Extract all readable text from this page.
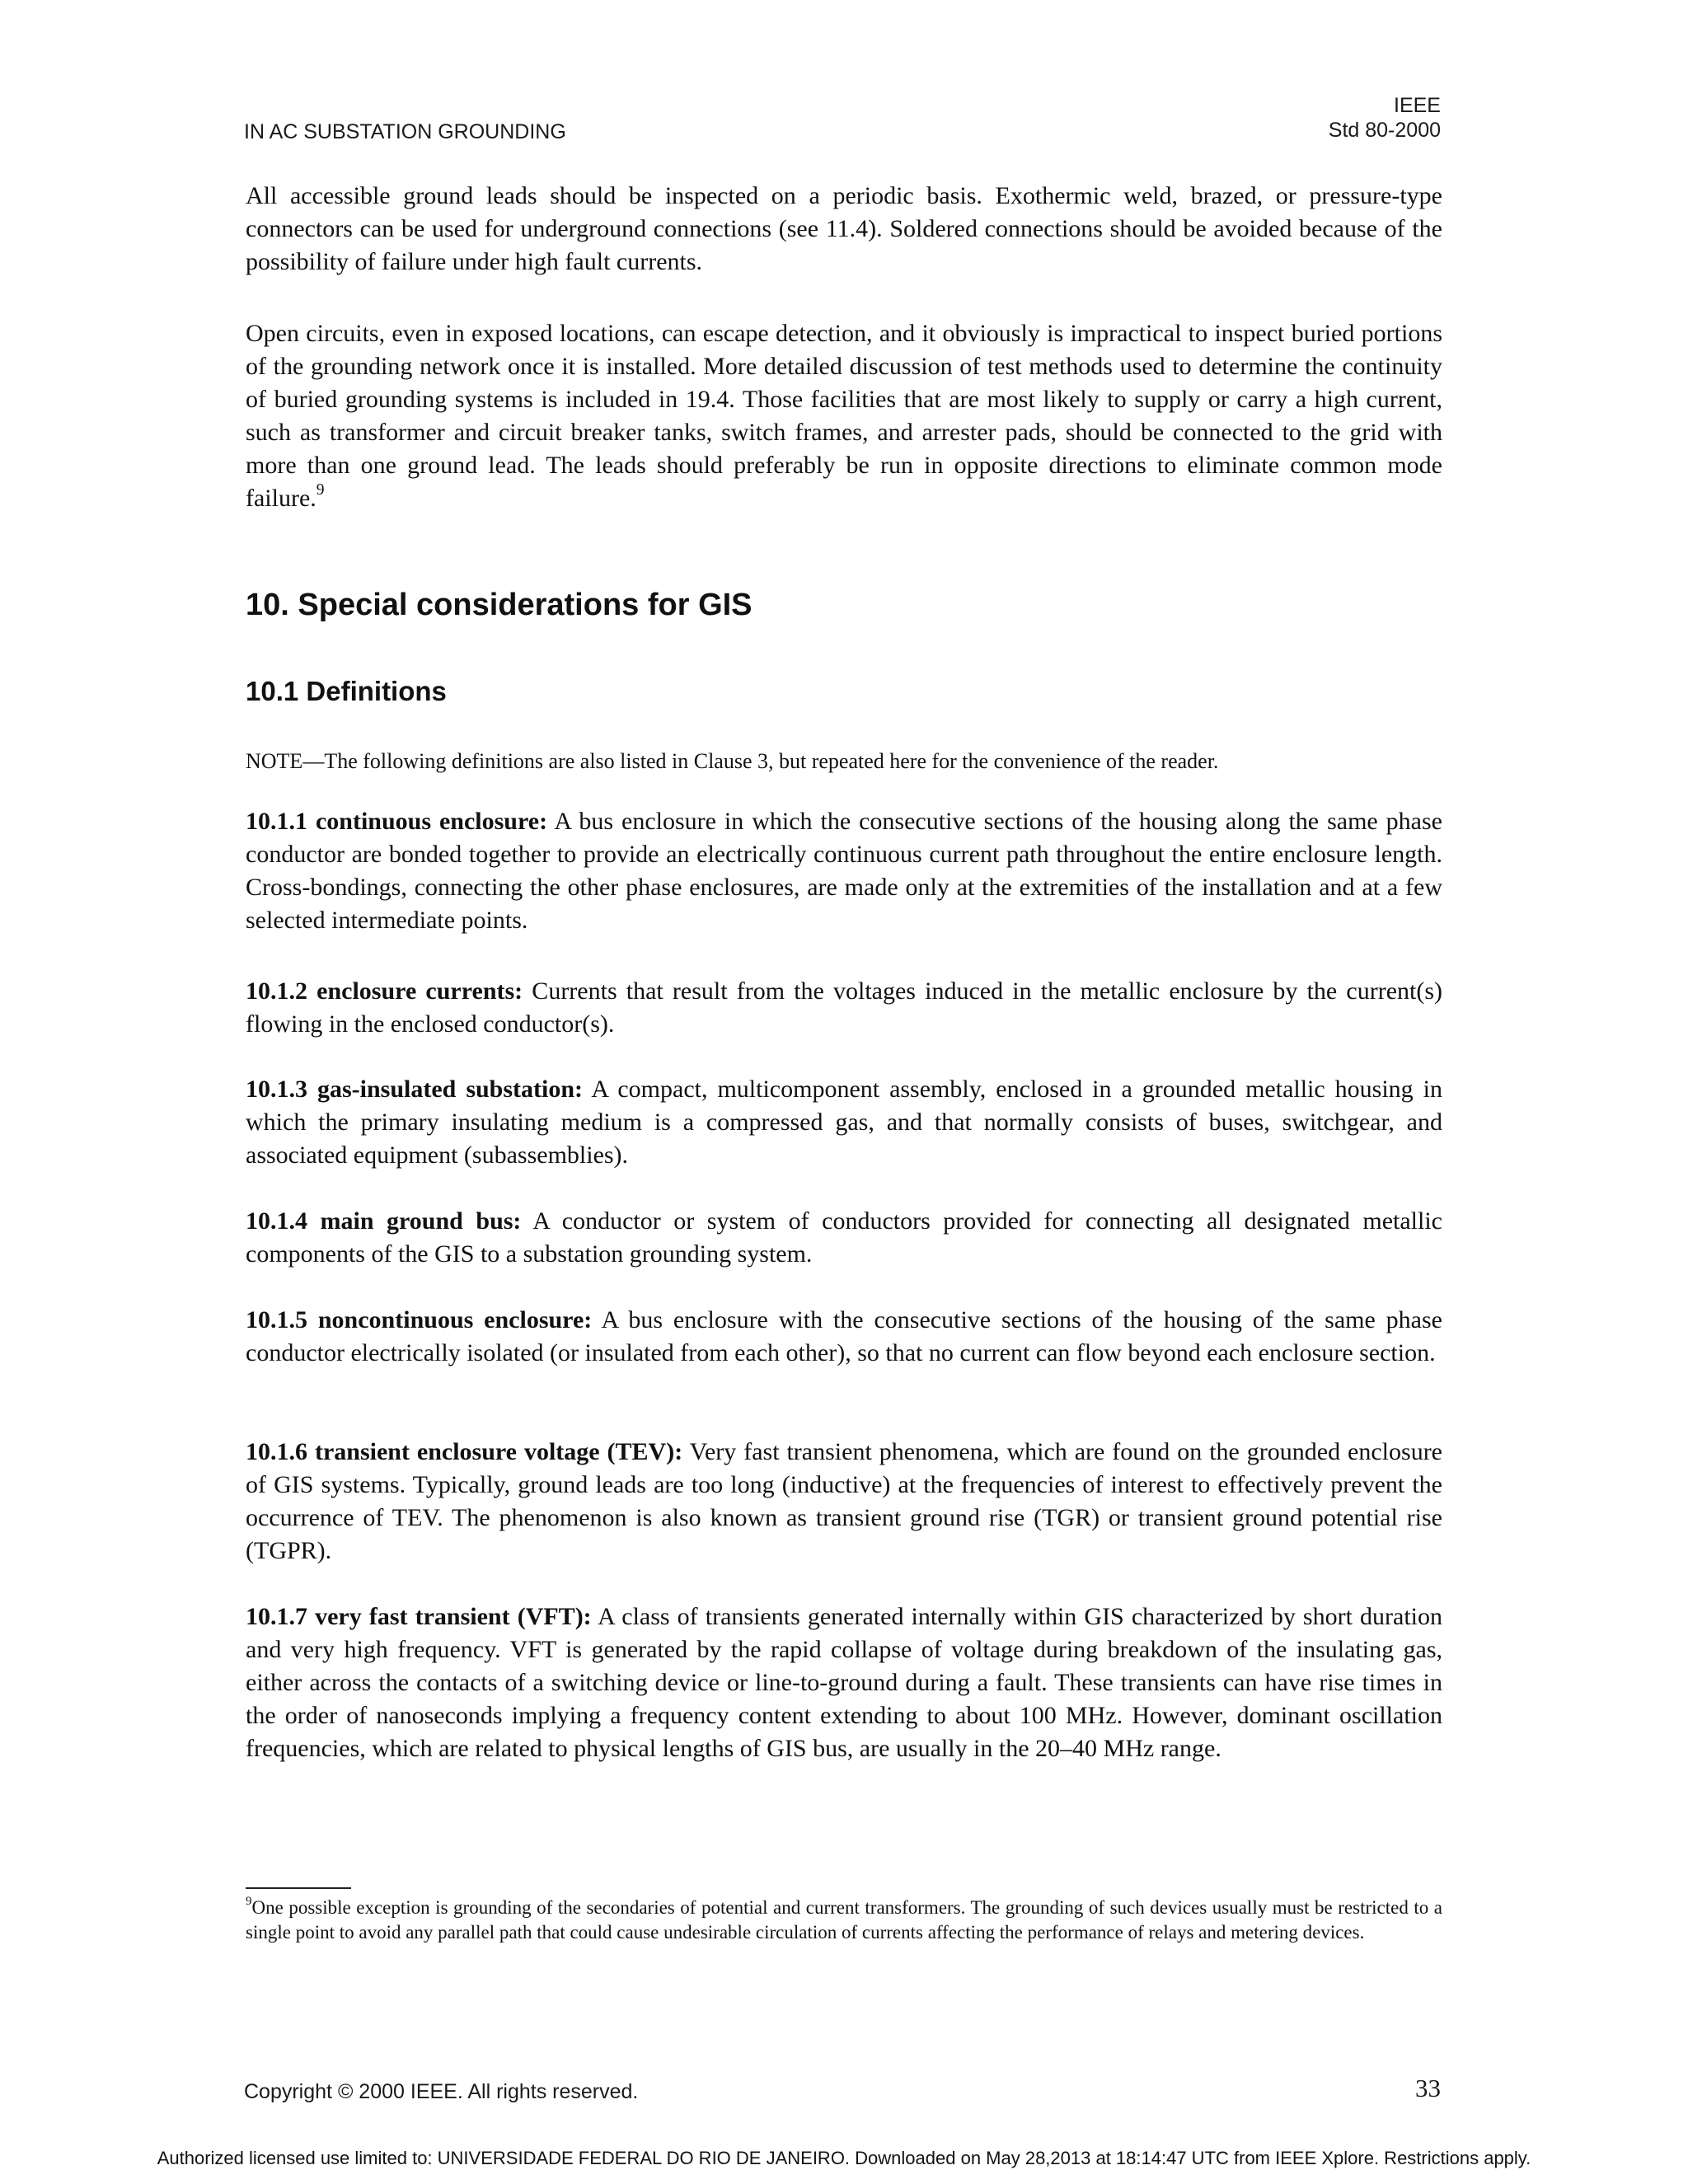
IN AC SUBSTATION GROUNDING
IEEE
Std 80-2000

All accessible ground leads should be inspected on a periodic basis. Exothermic weld, brazed, or pressure-type connectors can be used for underground connections (see 11.4). Soldered connections should be avoided because of the possibility of failure under high fault currents.

Open circuits, even in exposed locations, can escape detection, and it obviously is impractical to inspect buried portions of the grounding network once it is installed. More detailed discussion of test methods used to determine the continuity of buried grounding systems is included in 19.4. Those facilities that are most likely to supply or carry a high current, such as transformer and circuit breaker tanks, switch frames, and arrester pads, should be connected to the grid with more than one ground lead. The leads should preferably be run in opposite directions to eliminate common mode failure.$^9$

10. Special considerations for GIS
10.1 Definitions
NOTE—The following definitions are also listed in Clause 3, but repeated here for the convenience of the reader.

10.1.1 continuous enclosure: A bus enclosure in which the consecutive sections of the housing along the same phase conductor are bonded together to provide an electrically continuous current path throughout the entire enclosure length. Cross-bondings, connecting the other phase enclosures, are made only at the extremities of the installation and at a few selected intermediate points.

10.1.2 enclosure currents: Currents that result from the voltages induced in the metallic enclosure by the current(s) flowing in the enclosed conductor(s).

10.1.3 gas-insulated substation: A compact, multicomponent assembly, enclosed in a grounded metallic housing in which the primary insulating medium is a compressed gas, and that normally consists of buses, switchgear, and associated equipment (subassemblies).

10.1.4 main ground bus: A conductor or system of conductors provided for connecting all designated metallic components of the GIS to a substation grounding system.

10.1.5 noncontinuous enclosure: A bus enclosure with the consecutive sections of the housing of the same phase conductor electrically isolated (or insulated from each other), so that no current can flow beyond each enclosure section.

10.1.6 transient enclosure voltage (TEV): Very fast transient phenomena, which are found on the grounded enclosure of GIS systems. Typically, ground leads are too long (inductive) at the frequencies of interest to effectively prevent the occurrence of TEV. The phenomenon is also known as transient ground rise (TGR) or transient ground potential rise (TGPR).

10.1.7 very fast transient (VFT): A class of transients generated internally within GIS characterized by short duration and very high frequency. VFT is generated by the rapid collapse of voltage during breakdown of the insulating gas, either across the contacts of a switching device or line-to-ground during a fault. These transients can have rise times in the order of nanoseconds implying a frequency content extending to about 100 MHz. However, dominant oscillation frequencies, which are related to physical lengths of GIS bus, are usually in the 20–40 MHz range.

$^9$One possible exception is grounding of the secondaries of potential and current transformers. The grounding of such devices usually must be restricted to a single point to avoid any parallel path that could cause undesirable circulation of currents affecting the performance of relays and metering devices.

Copyright © 2000 IEEE. All rights reserved.	33
Authorized licensed use limited to: UNIVERSIDADE FEDERAL DO RIO DE JANEIRO. Downloaded on May 28,2013 at 18:14:47 UTC from IEEE Xplore. Restrictions apply.
